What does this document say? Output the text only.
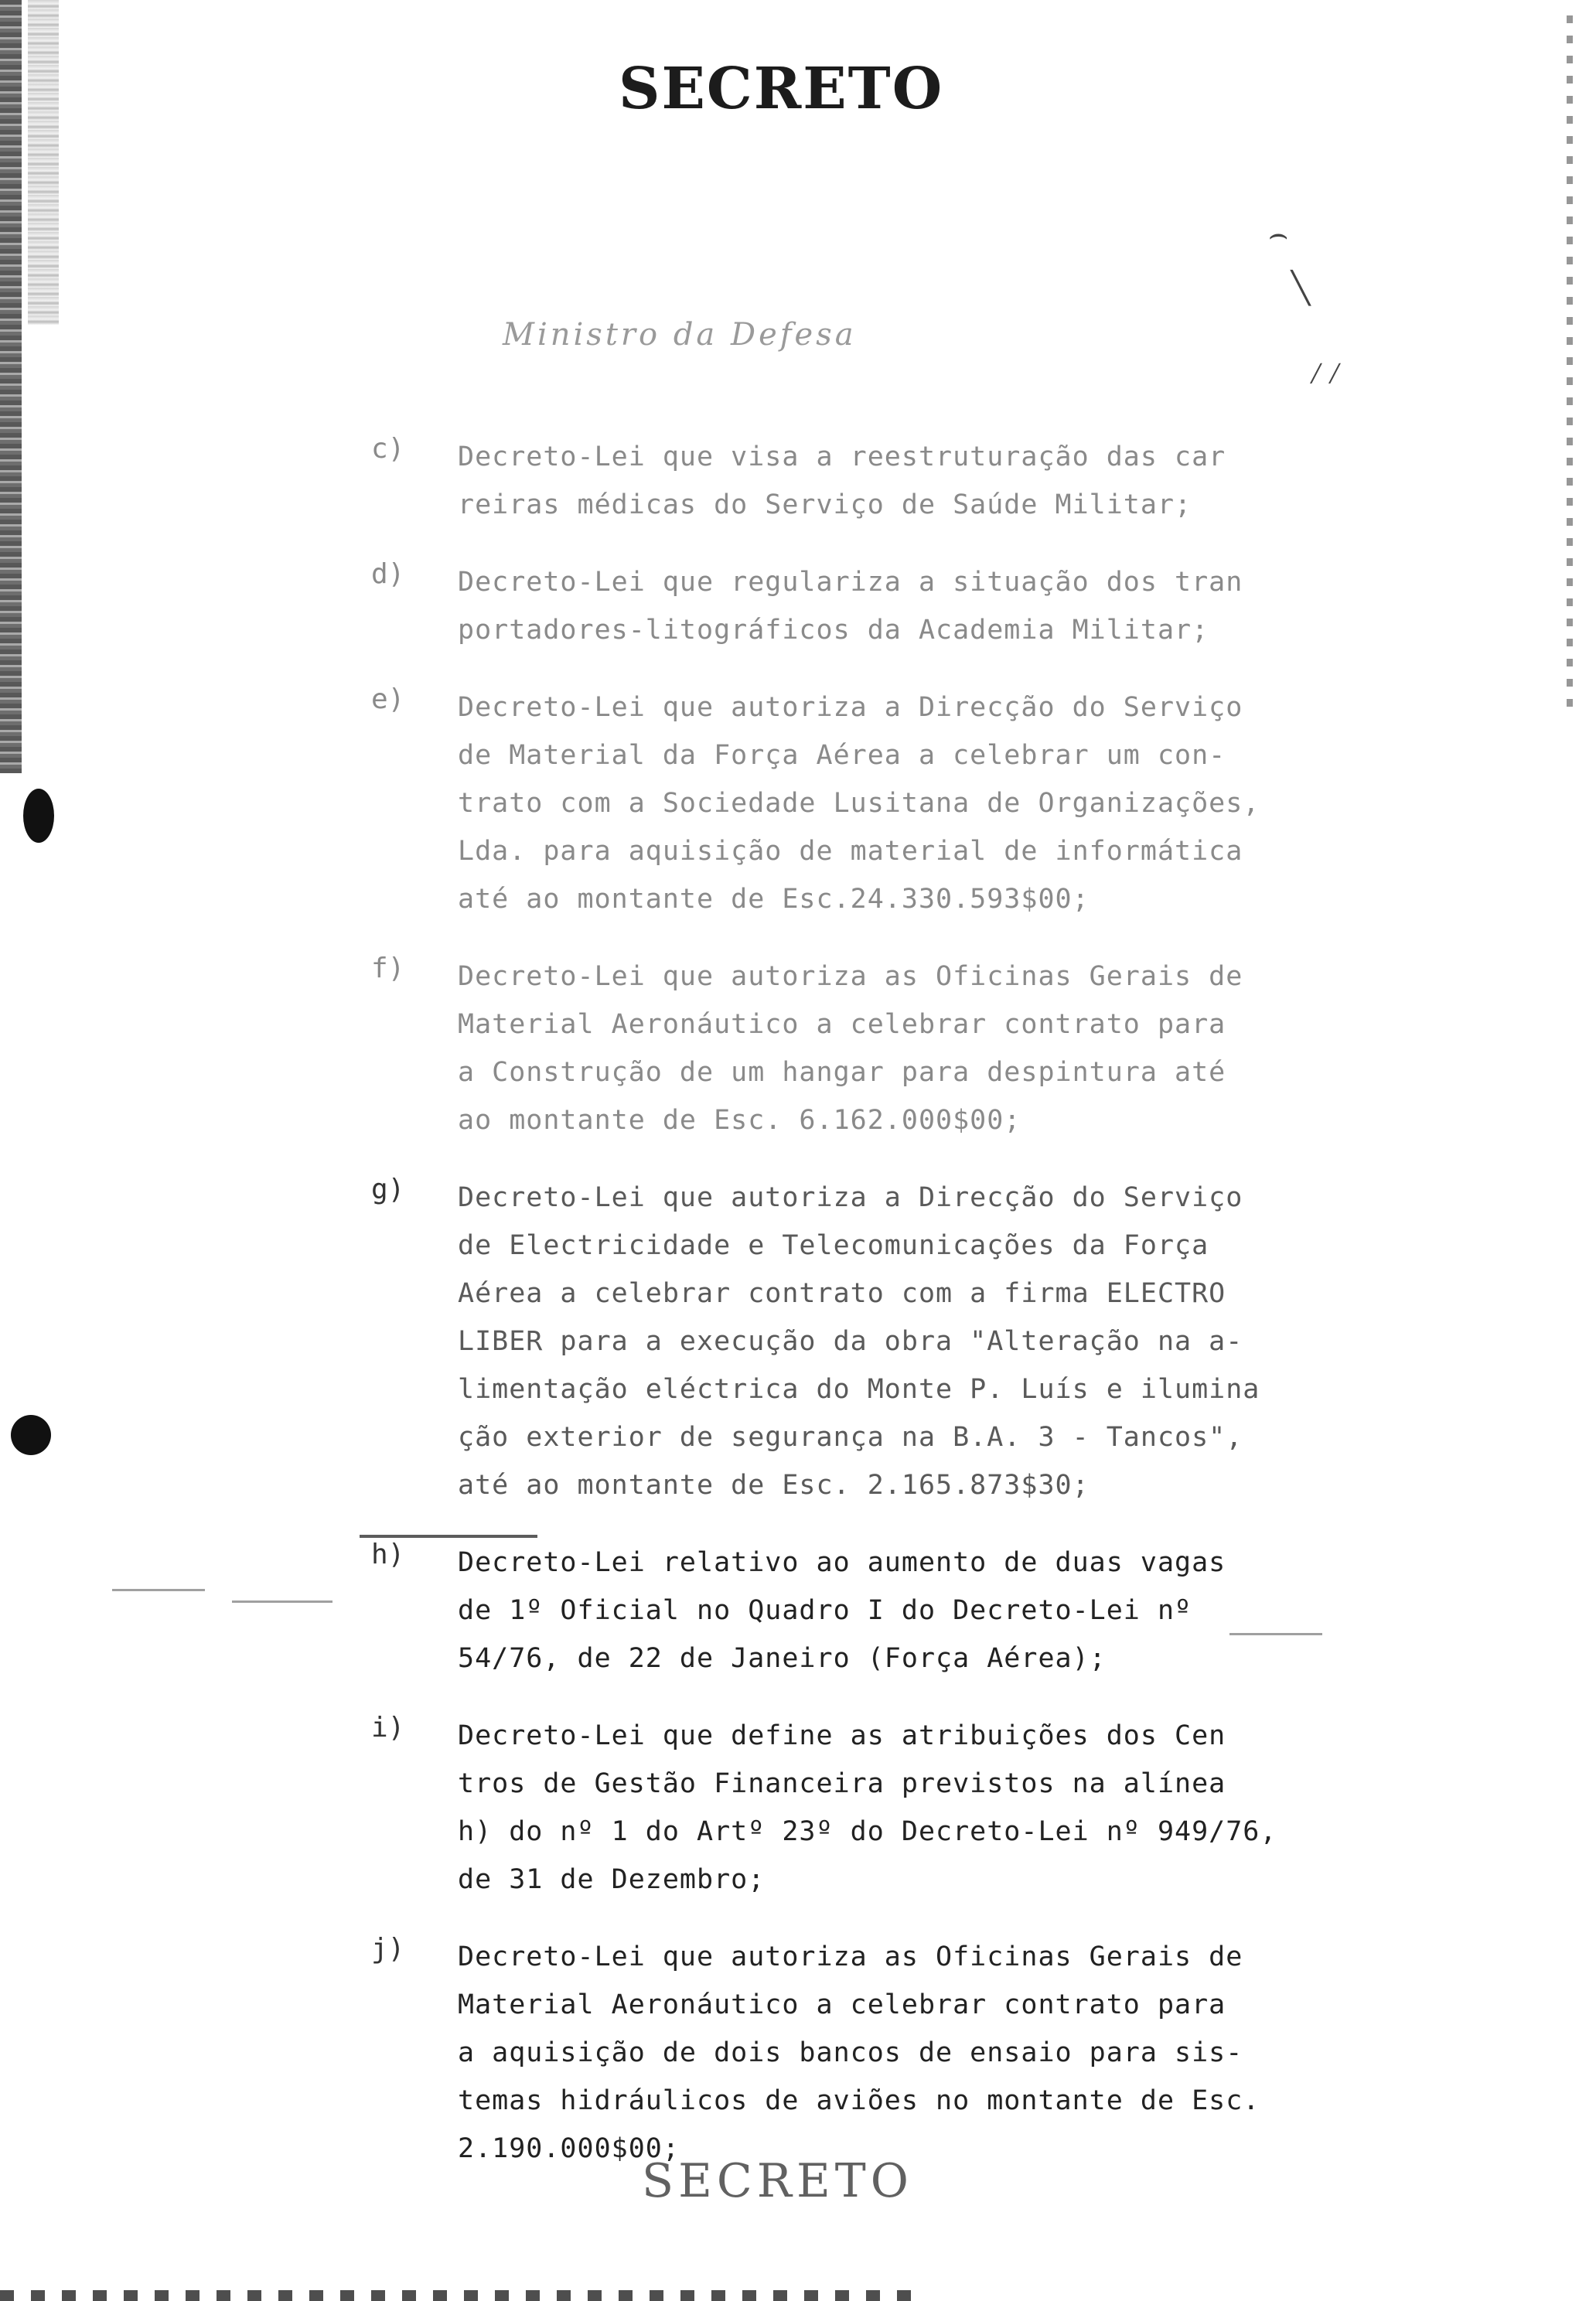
SECRETO
Ministro da Defesa
⌢
╲
⁄⁄
c)	Decreto-Lei que visa a reestruturação das car
reiras médicas do Serviço de Saúde Militar;
d)	Decreto-Lei que regulariza a situação dos tran
portadores-litográficos da Academia Militar;
e)	Decreto-Lei que autoriza a Direcção do Serviço
de Material da Força Aérea a celebrar um con-
trato com a Sociedade Lusitana de Organizações,
Lda. para aquisição de material de informática
até ao montante de Esc.24.330.593$00;
f)	Decreto-Lei que autoriza as Oficinas Gerais de
Material Aeronáutico a celebrar contrato para
a Construção de um hangar para despintura até
ao montante de Esc. 6.162.000$00;
g)	Decreto-Lei que autoriza a Direcção do Serviço
de Electricidade e Telecomunicações da Força
Aérea a celebrar contrato com a firma ELECTRO
LIBER para a execução da obra "Alteração na a-
limentação eléctrica do Monte P. Luís e ilumina
ção exterior de segurança na B.A. 3 - Tancos",
até ao montante de Esc. 2.165.873$30;
h)	Decreto-Lei relativo ao aumento de duas vagas
de 1º Oficial no Quadro I do Decreto-Lei nº
54/76, de 22 de Janeiro (Força Aérea);
i)	Decreto-Lei que define as atribuições dos Cen
tros de Gestão Financeira previstos na alínea
h) do nº 1 do Artº 23º do Decreto-Lei nº 949/76,
de 31 de Dezembro;
j)	Decreto-Lei que autoriza as Oficinas Gerais de
Material Aeronáutico a celebrar contrato para
a aquisição de dois bancos de ensaio para sis-
temas hidráulicos de aviões no montante de Esc.
2.190.000$00;
SECRETO
